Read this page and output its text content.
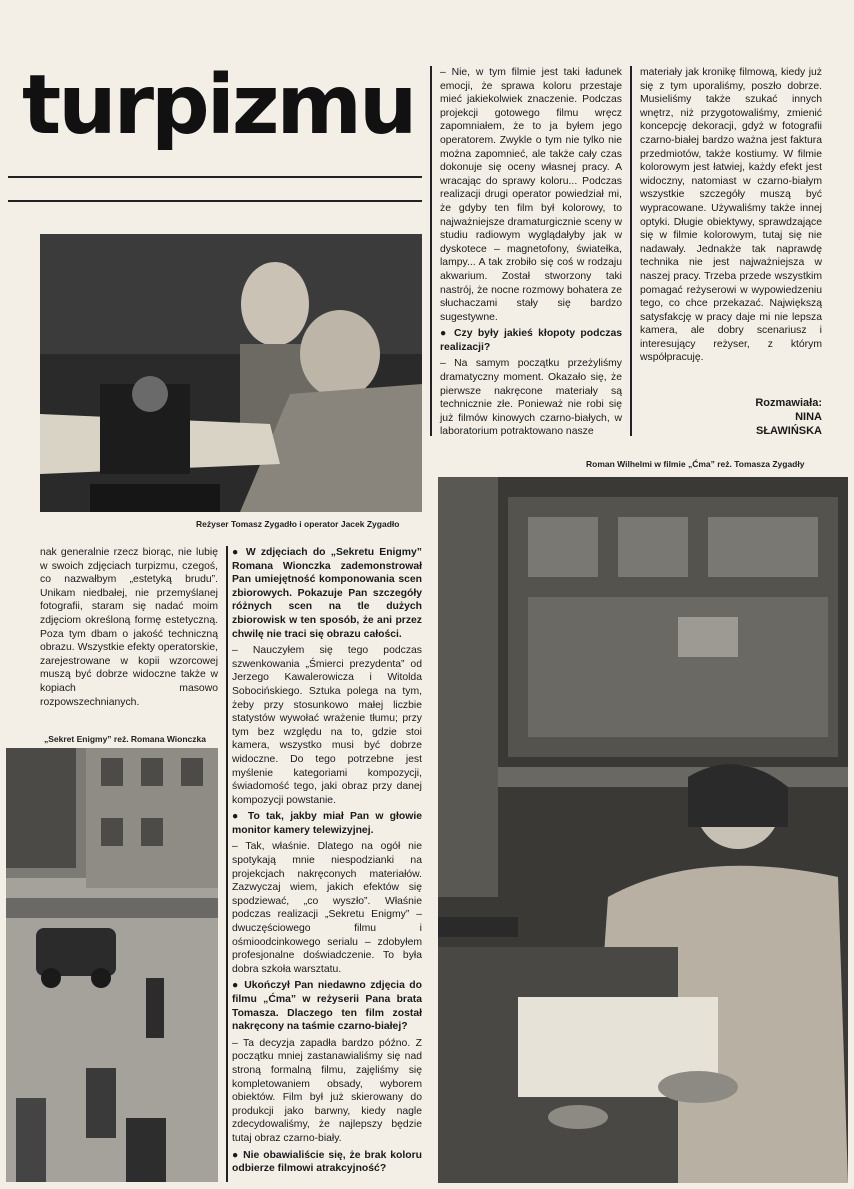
turpizmu
Reżyser Tomasz Zygadło i operator Jacek Zygadło

nak generalnie rzecz biorąc, nie lubię w swoich zdjęciach turpizmu, czegoś, co nazwałbym „estetyką brudu”. Unikam niedbałej, nie przemyślanej fotografii, staram się nadać moim zdjęciom określoną formę estetyczną. Poza tym dbam o jakość techniczną obrazu. Wszystkie efekty operatorskie, zarejestrowane w kopii wzorcowej muszą być dobrze widoczne także w kopiach masowo rozpowszechnianych.

„Sekret Enigmy” reż. Romana Wionczka

● W zdjęciach do „Sekretu Enigmy” Romana Wionczka zademonstrował Pan umiejętność komponowania scen zbiorowych. Pokazuje Pan szczegóły różnych scen na tle dużych zbiorowisk w ten sposób, że ani przez chwilę nie traci się obrazu całości.

– Nauczyłem się tego podczas szwenkowania „Śmierci prezydenta” od Jerzego Kawalerowicza i Witolda Sobocińskiego. Sztuka polega na tym, żeby przy stosunkowo małej liczbie statystów wywołać wrażenie tłumu; przy tym bez względu na to, gdzie stoi kamera, wszystko musi być dobrze widoczne. Do tego potrzebne jest myślenie kategoriami kompozycji, świadomość tego, jaki obraz przy danej kompozycji powstanie.

● To tak, jakby miał Pan w głowie monitor kamery telewizyjnej.

– Tak, właśnie. Dlatego na ogół nie spotykają mnie niespodzianki na projekcjach nakręconych materiałów. Zazwyczaj wiem, jakich efektów się spodziewać, „co wyszło”. Właśnie podczas realizacji „Sekretu Enigmy” – dwuczęściowego filmu i ośmioodcinkowego serialu – zdobyłem profesjonalne doświadczenie. To była dobra szkoła warsztatu.

● Ukończył Pan niedawno zdjęcia do filmu „Ćma” w reżyserii Pana brata Tomasza. Dlaczego ten film został nakręcony na taśmie czarno-białej?

– Ta decyzja zapadła bardzo późno. Z początku mniej zastanawialiśmy się nad stroną formalną filmu, zajęliśmy się kompletowaniem obsady, wyborem obiektów. Film był już skierowany do produkcji jako barwny, kiedy nagle zdecydowaliśmy, że najlepszy będzie tutaj obraz czarno-biały.

● Nie obawialiście się, że brak koloru odbierze filmowi atrakcyjność?

– Nie, w tym filmie jest taki ładunek emocji, że sprawa koloru przestaje mieć jakiekolwiek znaczenie. Podczas projekcji gotowego filmu wręcz zapomniałem, że to ja byłem jego operatorem. Zwykle o tym nie tylko nie można zapomnieć, ale także cały czas dokonuje się oceny własnej pracy. A wracając do sprawy koloru... Podczas realizacji drugi operator powiedział mi, że gdyby ten film był kolorowy, to najważniejsze dramaturgicznie sceny w studiu radiowym wyglądałyby jak w dyskotece – magnetofony, światełka, lampy... A tak zrobiło się coś w rodzaju akwarium. Został stworzony taki nastrój, że nocne rozmowy bohatera ze słuchaczami stały się bardzo sugestywne.

● Czy były jakieś kłopoty podczas realizacji?

– Na samym początku przeżyliśmy dramatyczny moment. Okazało się, że pierwsze nakręcone materiały są technicznie złe. Ponieważ nie robi się już filmów kinowych czarno-białych, w laboratorium potraktowano nasze

materiały jak kronikę filmową, kiedy już się z tym uporaliśmy, poszło dobrze. Musieliśmy także szukać innych wnętrz, niż przygotowaliśmy, zmienić koncepcję dekoracji, gdyż w fotografii czarno-białej bardzo ważna jest faktura przedmiotów, także kostiumy. W filmie kolorowym jest łatwiej, każdy efekt jest widoczny, natomiast w czarno-białym wszystkie szczegóły muszą być wypracowane. Używaliśmy także innej optyki. Długie obiektywy, sprawdzające się w filmie kolorowym, tutaj się nie nadawały. Jednakże tak naprawdę technika nie jest najważniejsza w naszej pracy. Trzeba przede wszystkim pomagać reżyserowi w wypowiedzeniu tego, co chce przekazać. Największą satysfakcję w pracy daje mi nie lepsza kamera, ale dobry scenariusz i interesujący reżyser, z którym współpracuję.

Rozmawiała:
NINA
SŁAWIŃSKA
Roman Wilhelmi w filmie „Ćma” reż. Tomasza Zygadły
